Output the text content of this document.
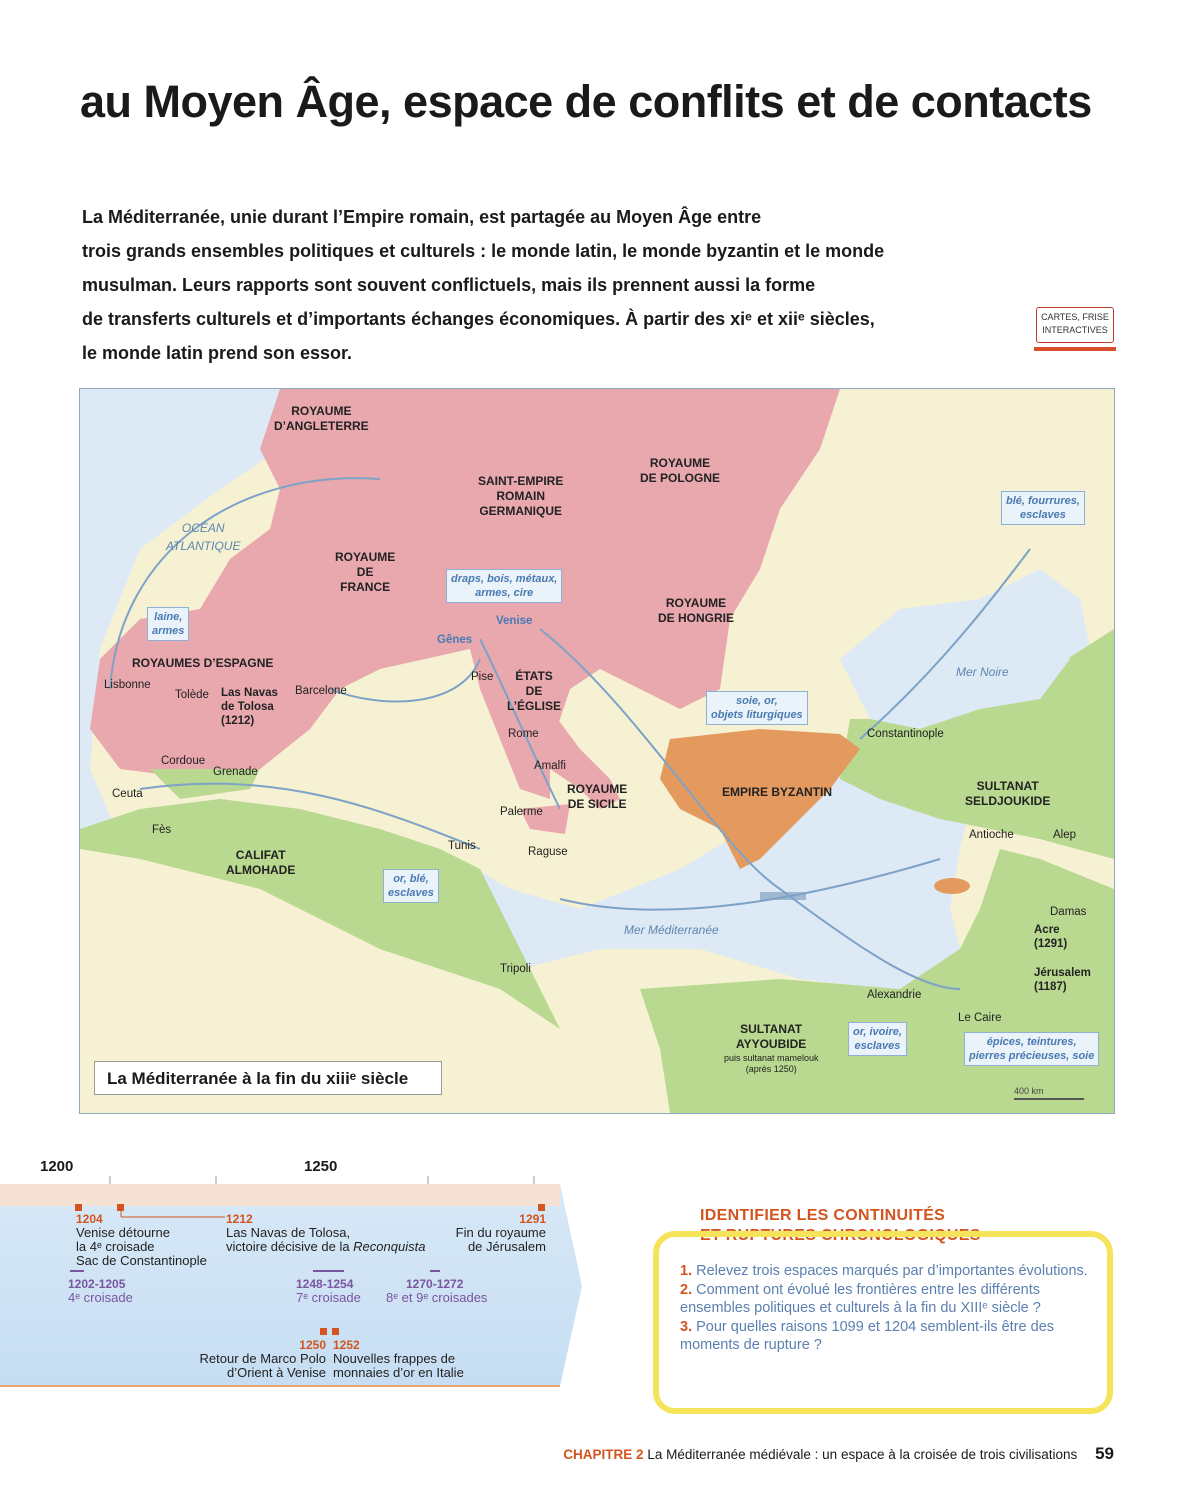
au Moyen Âge, espace de conflits et de contacts
La Méditerranée, unie durant l’Empire romain, est partagée au Moyen Âge entre
trois grands ensembles politiques et culturels : le monde latin, le monde byzantin et le monde
musulman. Leurs rapports sont souvent conflictuels, mais ils prennent aussi la forme
de transferts culturels et d’importants échanges économiques. À partir des xiᵉ et xiiᵉ siècles,
le monde latin prend son essor.
CARTES, FRISE
INTERACTIVES
ROYAUME
D’ANGLETERRE
SAINT-EMPIRE
ROMAIN
GERMANIQUE
ROYAUME
DE POLOGNE
ROYAUME
DE
FRANCE
ROYAUME
DE HONGRIE
ROYAUMES D’ESPAGNE
ÉTATS
DE
L’ÉGLISE
ROYAUME
DE SICILE
EMPIRE BYZANTIN	SULTANAT
SELDJOUKIDE
CALIFAT
ALMOHADE
SULTANAT
AYYOUBIDE
puis sultanat mamelouk
(après 1250)
OCÉAN
ATLANTIQUE
Mer Noire
Mer Méditerranée
blé, fourrures,
esclaves
draps, bois, métaux,
armes, cire
laine,
armes
soie, or,
objets liturgiques
or, blé,
esclaves
or, ivoire,
esclaves	épices, teintures,
pierres précieuses, soie
Lisbonne
Tolède Las Navas
de Tolosa
(1212)
Barcelone
Cordoue
Grenade
Ceuta
Fès
Gênes
Venise
Pise
Rome
Amalfi
Palerme
Raguse
Tunis
Tripoli
Constantinople
Antioche	Alep
Damas
Acre
(1291)
Jérusalem
(1187)
Alexandrie
Le Caire
La Méditerranée à la fin du xiiiᵉ siècle
400 km
1200	1250
1204
Venise détourne
la 4ᵉ croisade
Sac de Constantinople
1212
Las Navas de Tolosa,
victoire décisive de la Reconquista
1291
Fin du royaume
de Jérusalem
1202-1205
4ᵉ croisade
1248-1254
7ᵉ croisade
1270-1272
8ᵉ et 9ᵉ croisades
1250
Retour de Marco Polo
d’Orient à Venise
1252
Nouvelles frappes de
monnaies d’or en Italie
IDENTIFIER LES CONTINUITÉS
ET RUPTURES CHRONOLOGIQUES
1. Relevez trois espaces marqués par d’importantes évolutions.
2. Comment ont évolué les frontières entre les différents ensembles politiques et culturels à la fin du XIIIᵉ siècle ?
3. Pour quelles raisons 1099 et 1204 semblent-ils être des moments de rupture ?
CHAPITRE 2 La Méditerranée médiévale : un espace à la croisée de trois civilisations 59
